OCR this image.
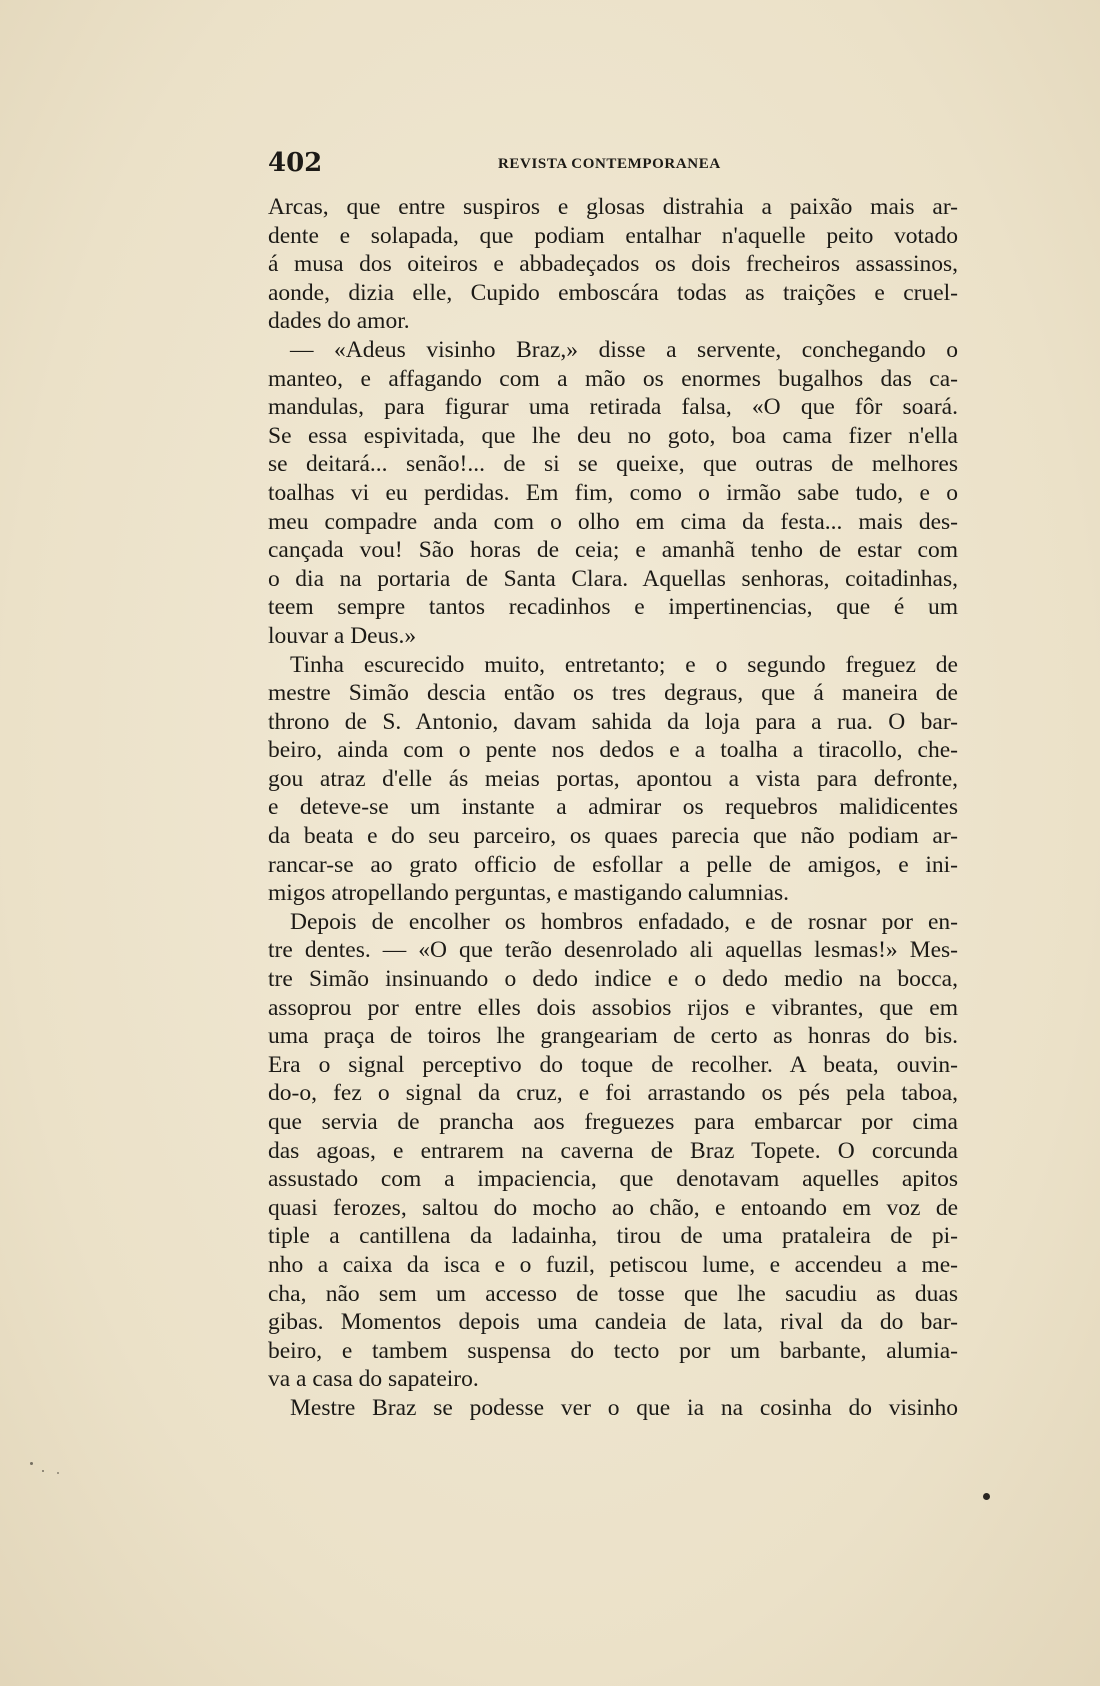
402	REVISTA CONTEMPORANEA
Arcas, que entre suspiros e glosas distrahia a paixão mais ar-
dente e solapada, que podiam entalhar n'aquelle peito votado
á musa dos oiteiros e abbadeçados os dois frecheiros assassinos,
aonde, dizia elle, Cupido emboscára todas as traições e cruel-
dades do amor.
— «Adeus visinho Braz,» disse a servente, conchegando o
manteo, e affagando com a mão os enormes bugalhos das ca-
mandulas, para figurar uma retirada falsa, «O que fôr soará.
Se essa espivitada, que lhe deu no goto, boa cama fizer n'ella
se deitará... senão!... de si se queixe, que outras de melhores
toalhas vi eu perdidas. Em fim, como o irmão sabe tudo, e o
meu compadre anda com o olho em cima da festa... mais des-
cançada vou! São horas de ceia; e amanhã tenho de estar com
o dia na portaria de Santa Clara. Aquellas senhoras, coitadinhas,
teem sempre tantos recadinhos e impertinencias, que é um
louvar a Deus.»
Tinha escurecido muito, entretanto; e o segundo freguez de
mestre Simão descia então os tres degraus, que á maneira de
throno de S. Antonio, davam sahida da loja para a rua. O bar-
beiro, ainda com o pente nos dedos e a toalha a tiracollo, che-
gou atraz d'elle ás meias portas, apontou a vista para defronte,
e deteve-se um instante a admirar os requebros malidicentes
da beata e do seu parceiro, os quaes parecia que não podiam ar-
rancar-se ao grato officio de esfollar a pelle de amigos, e ini-
migos atropellando perguntas, e mastigando calumnias.
Depois de encolher os hombros enfadado, e de rosnar por en-
tre dentes. — «O que terão desenrolado ali aquellas lesmas!» Mes-
tre Simão insinuando o dedo indice e o dedo medio na bocca,
assoprou por entre elles dois assobios rijos e vibrantes, que em
uma praça de toiros lhe grangeariam de certo as honras do bis.
Era o signal perceptivo do toque de recolher. A beata, ouvin-
do-o, fez o signal da cruz, e foi arrastando os pés pela taboa,
que servia de prancha aos freguezes para embarcar por cima
das agoas, e entrarem na caverna de Braz Topete. O corcunda
assustado com a impaciencia, que denotavam aquelles apitos
quasi ferozes, saltou do mocho ao chão, e entoando em voz de
tiple a cantillena da ladainha, tirou de uma prataleira de pi-
nho a caixa da isca e o fuzil, petiscou lume, e accendeu a me-
cha, não sem um accesso de tosse que lhe sacudiu as duas
gibas. Momentos depois uma candeia de lata, rival da do bar-
beiro, e tambem suspensa do tecto por um barbante, alumia-
va a casa do sapateiro.
Mestre Braz se podesse ver o que ia na cosinha do visinho
